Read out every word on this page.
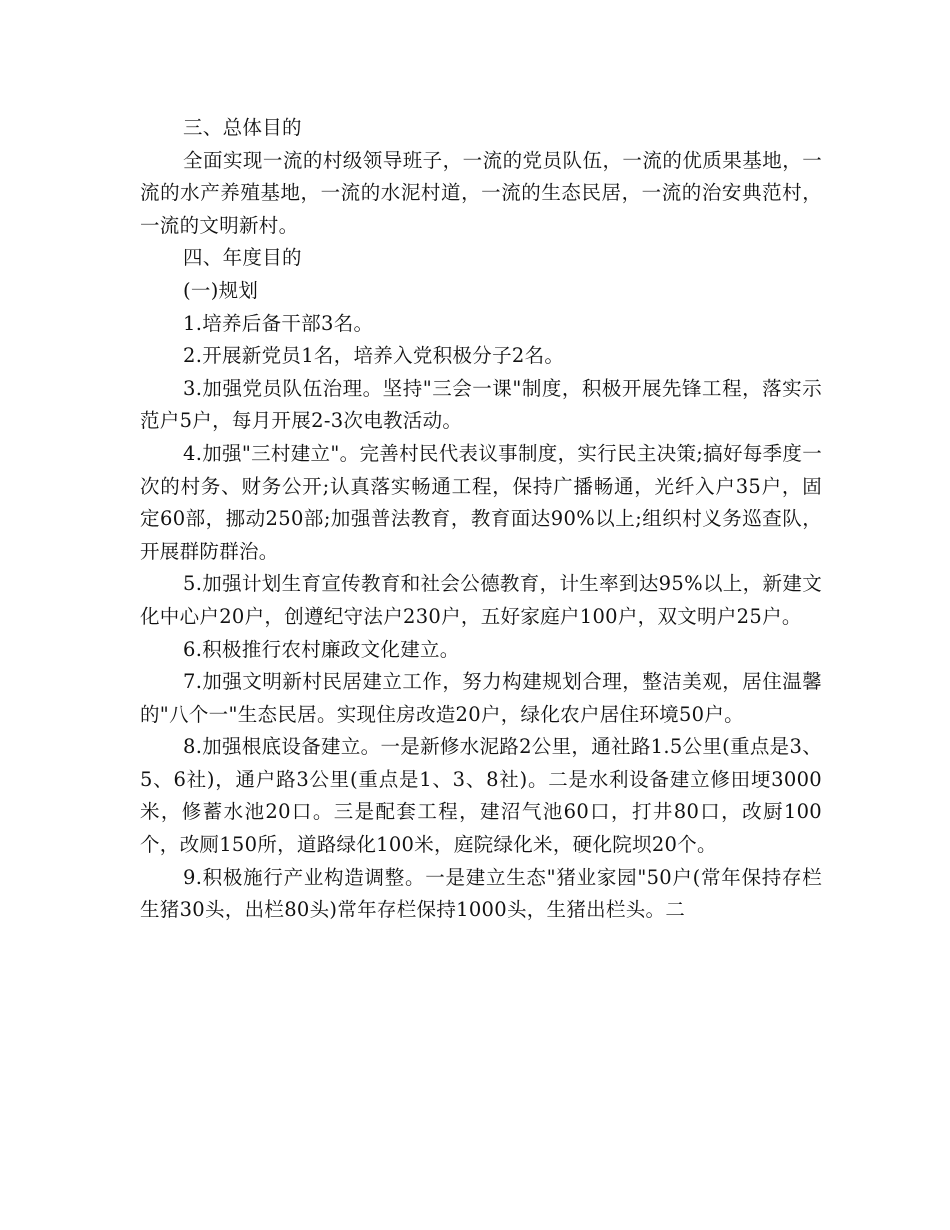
三、总体目的

全面实现一流的村级领导班子，一流的党员队伍，一流的优质果基地，一流的水产养殖基地，一流的水泥村道，一流的生态民居，一流的治安典范村，一流的文明新村。

四、年度目的

(一)规划

1.培养后备干部3名。

2.开展新党员1名，培养入党积极分子2名。

3.加强党员队伍治理。坚持"三会一课"制度，积极开展先锋工程，落实示范户5户，每月开展2-3次电教活动。

4.加强"三村建立"。完善村民代表议事制度，实行民主决策;搞好每季度一次的村务、财务公开;认真落实畅通工程，保持广播畅通，光纤入户35户，固定60部，挪动250部;加强普法教育，教育面达90%以上;组织村义务巡查队，开展群防群治。

5.加强计划生育宣传教育和社会公德教育，计生率到达95%以上，新建文化中心户20户，创遵纪守法户230户，五好家庭户100户，双文明户25户。

6.积极推行农村廉政文化建立。

7.加强文明新村民居建立工作，努力构建规划合理，整洁美观，居住温馨的"八个一"生态民居。实现住房改造20户，绿化农户居住环境50户。

8.加强根底设备建立。一是新修水泥路2公里，通社路1.5公里(重点是3、5、6社)，通户路3公里(重点是1、3、8社)。二是水利设备建立修田埂3000米，修蓄水池20口。三是配套工程，建沼气池60口，打井80口，改厨100个，改厕150所，道路绿化100米，庭院绿化米，硬化院坝20个。

9.积极施行产业构造调整。一是建立生态"猪业家园"50户(常年保持存栏生猪30头，出栏80头)常年存栏保持1000头，生猪出栏头。二
